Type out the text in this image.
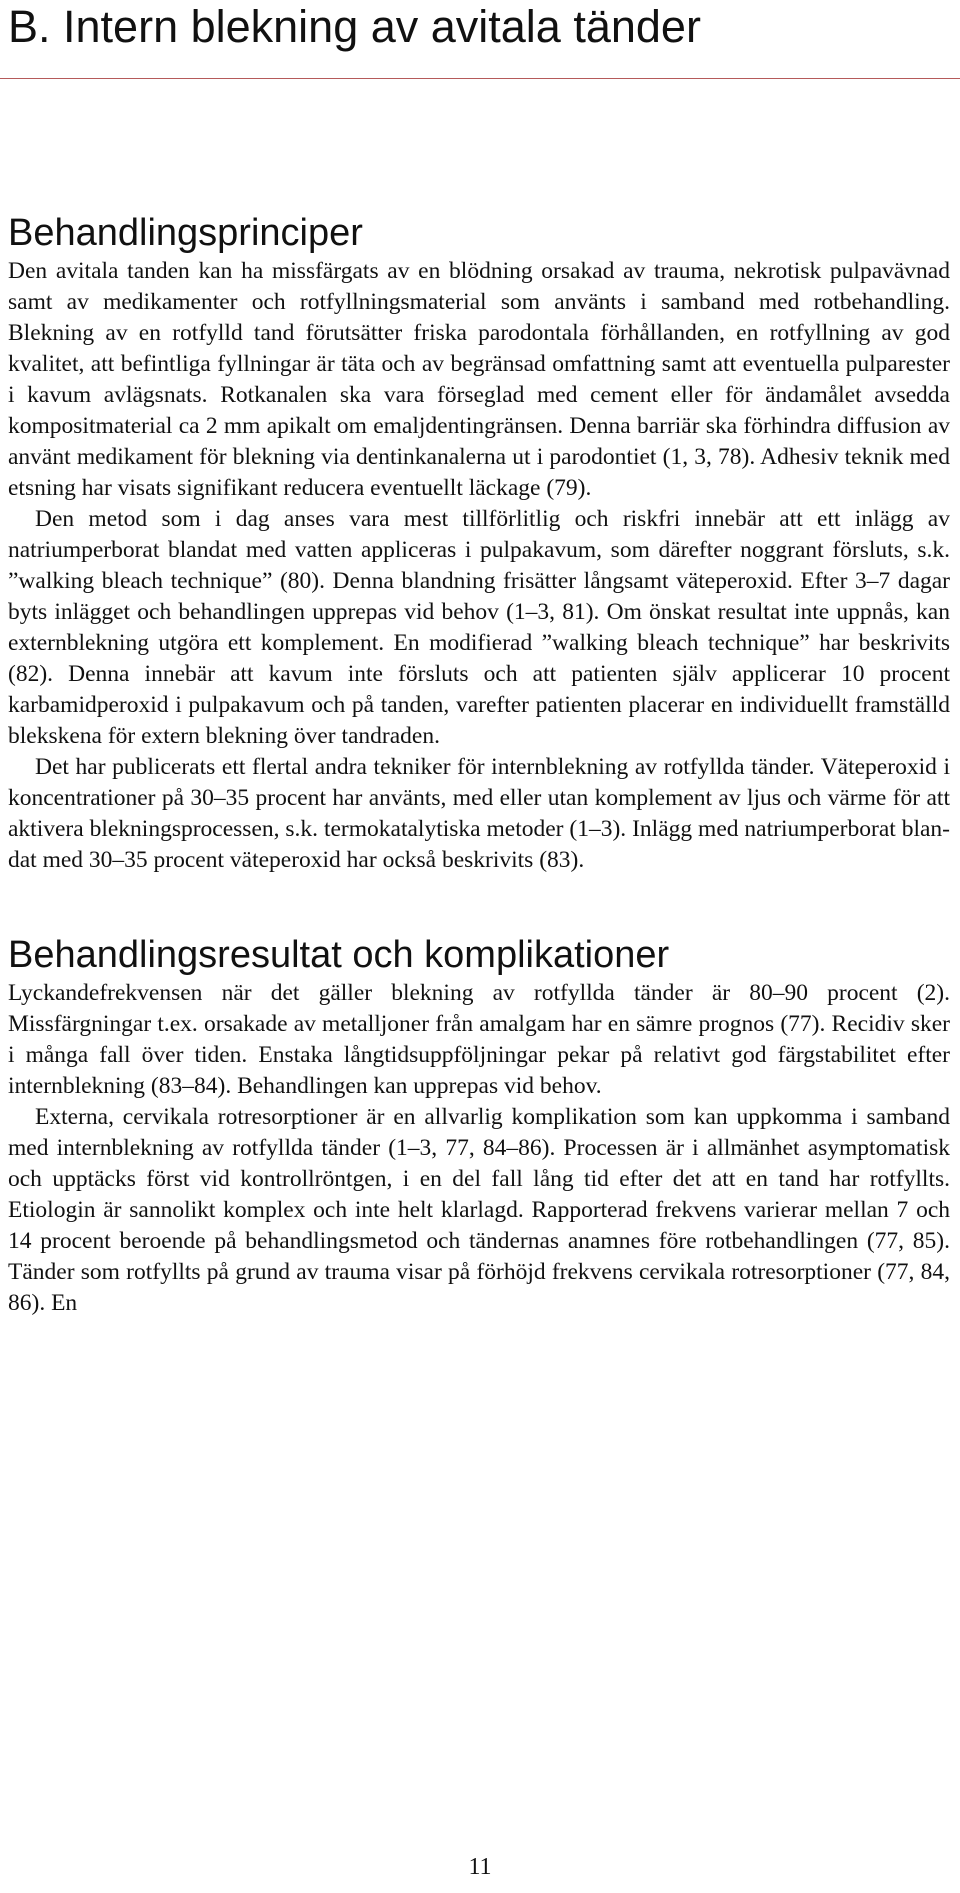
B. Intern blekning av avitala tänder
Behandlingsprinciper

Den avitala tanden kan ha missfärgats av en blödning orsakad av trauma, nekrotisk pulpavävnad samt av medikamenter och rotfyllningsmaterial som använts i samband med rotbehandling. Blekning av en rotfylld tand förutsätter friska parodontala förhållanden, en rotfyllning av god kvalitet, att befintliga fyllningar är täta och av begränsad omfattning samt att eventuella pulparester i kavum avlägsnats. Rotkanalen ska vara förseglad med cement eller för ändamålet avsedda kompositmaterial ca 2 mm apikalt om emaljdentingränsen. Denna barriär ska förhindra diffusion av använt medikament för blekning via dentinkanalerna ut i parodontiet (1, 3, 78). Adhesiv teknik med etsning har visats signifikant reducera eventuellt läckage (79).

Den metod som i dag anses vara mest tillförlitlig och riskfri innebär att ett inlägg av natriumperborat blandat med vatten appliceras i pulpakavum, som därefter noggrant försluts, s.k. ”walking bleach technique” (80). Denna blandning frisätter långsamt väteperoxid. Efter 3–7 dagar byts inlägget och behandlingen upprepas vid behov (1–3, 81). Om önskat resultat inte uppnås, kan externblekning utgöra ett komplement. En modifierad ”walking bleach technique” har beskrivits (82). Denna innebär att kavum inte försluts och att patienten själv applicerar 10 procent karbamidperoxid i pulpakavum och på tanden, varefter patienten placerar en individuellt framställd blekskena för extern blekning över tandraden.

Det har publicerats ett flertal andra tekniker för internblekning av rotfyllda tänder. Väteperoxid i koncentrationer på 30–35 procent har använts, med eller utan komplement av ljus och värme för att aktivera blekningsprocessen, s.k. termokatalytiska metoder (1–3). Inlägg med natriumperborat blandat med 30–35 procent väteperoxid har också beskrivits (83).

Behandlingsresultat och komplikationer

Lyckandefrekvensen när det gäller blekning av rotfyllda tänder är 80–90 procent (2). Missfärgningar t.ex. orsakade av metalljoner från amalgam har en sämre prognos (77). Recidiv sker i många fall över tiden. Enstaka långtidsuppföljningar pekar på relativt god färgstabilitet efter internblekning (83–84). Behandlingen kan upprepas vid behov.

Externa, cervikala rotresorptioner är en allvarlig komplikation som kan uppkomma i samband med internblekning av rotfyllda tänder (1–3, 77, 84–86). Processen är i allmänhet asymptomatisk och upptäcks först vid kontrollröntgen, i en del fall lång tid efter det att en tand har rotfyllts. Etiologin är sannolikt komplex och inte helt klarlagd. Rapporterad frekvens varierar mellan 7 och 14 procent beroende på behandlingsmetod och tändernas anamnes före rotbehandlingen (77, 85). Tänder som rotfyllts på grund av trauma visar på förhöjd frekvens cervikala rotresorptioner (77, 84, 86). En

11
